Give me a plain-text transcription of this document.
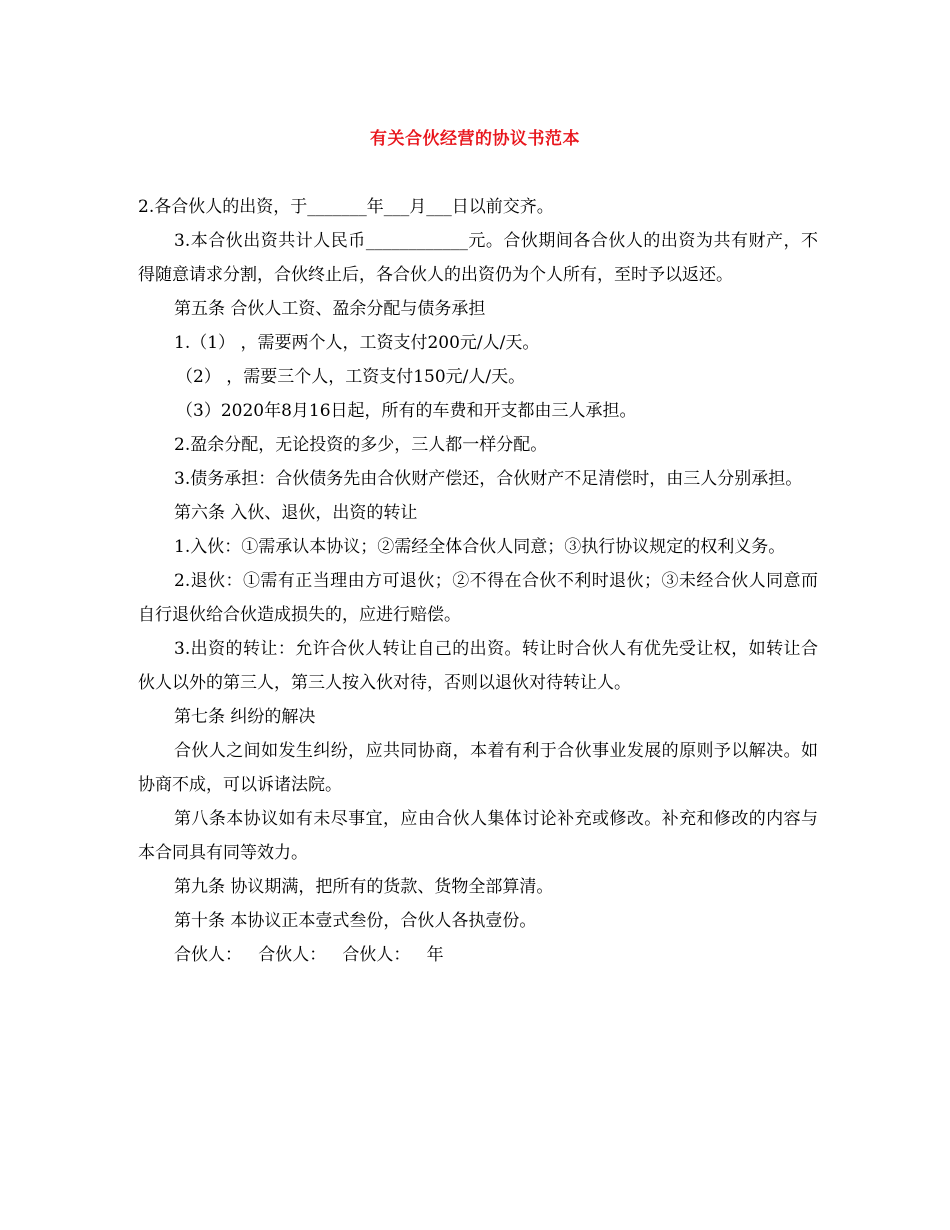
有关合伙经营的协议书范本

2.各合伙人的出资，于_______年___月___日以前交齐。

3.本合伙出资共计人民币____________元。合伙期间各合伙人的出资为共有财产，不得随意请求分割，合伙终止后，各合伙人的出资仍为个人所有，至时予以返还。

第五条 合伙人工资、盈余分配与债务承担

1.（1） ，需要两个人，工资支付200元/人/天。

（2） ，需要三个人，工资支付150元/人/天。

（3）2020年8月16日起，所有的车费和开支都由三人承担。

2.盈余分配，无论投资的多少，三人都一样分配。

3.债务承担：合伙债务先由合伙财产偿还，合伙财产不足清偿时，由三人分别承担。

第六条 入伙、退伙，出资的转让

1.入伙：①需承认本协议；②需经全体合伙人同意；③执行协议规定的权利义务。

2.退伙：①需有正当理由方可退伙；②不得在合伙不利时退伙；③未经合伙人同意而自行退伙给合伙造成损失的，应进行赔偿。

3.出资的转让：允许合伙人转让自己的出资。转让时合伙人有优先受让权，如转让合伙人以外的第三人，第三人按入伙对待，否则以退伙对待转让人。

第七条 纠纷的解决

合伙人之间如发生纠纷，应共同协商，本着有利于合伙事业发展的原则予以解决。如协商不成，可以诉诸法院。

第八条本协议如有未尽事宜，应由合伙人集体讨论补充或修改。补充和修改的内容与本合同具有同等效力。

第九条 协议期满，把所有的货款、货物全部算清。

第十条 本协议正本壹式叁份，合伙人各执壹份。

合伙人：   合伙人：   合伙人：   年
